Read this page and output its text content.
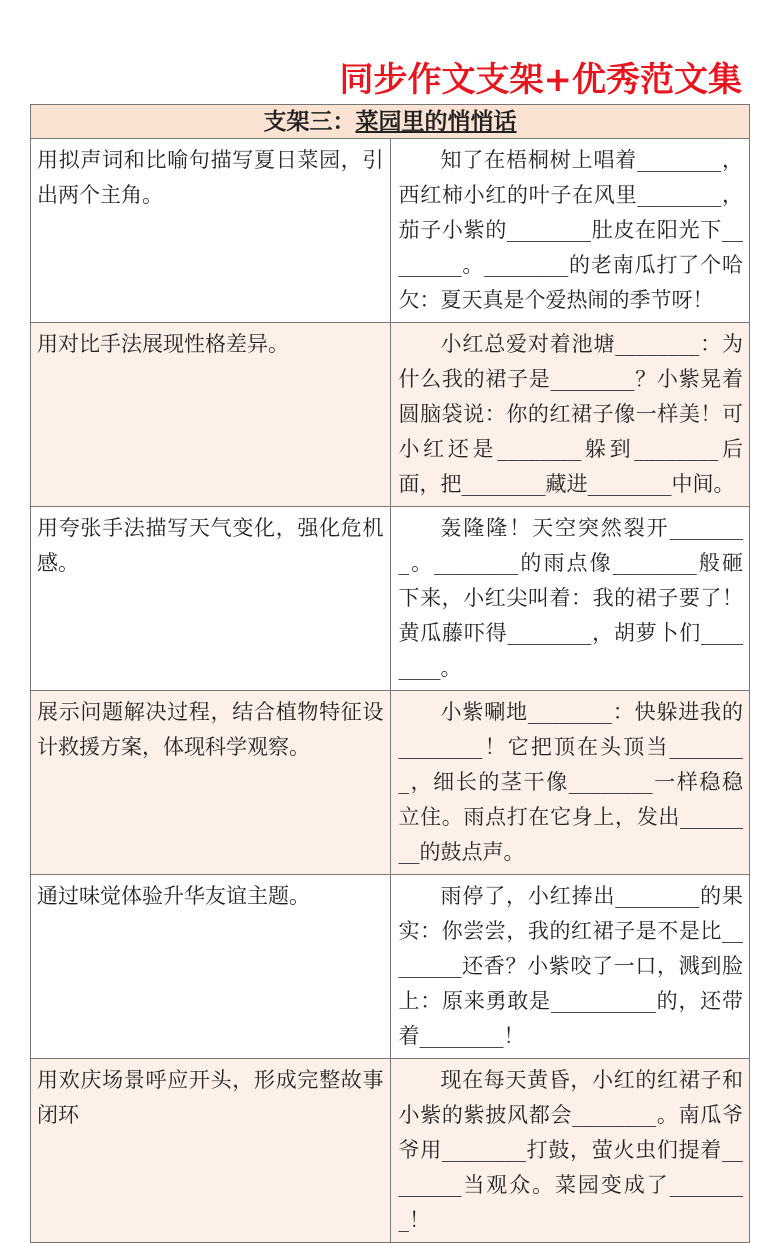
同步作文支架+优秀范文集
支架三：菜园里的悄悄话	
用拟声词和比喻句描写夏日菜园，引出两个主角。	知了在梧桐树上唱着________，西红柿小红的叶子在风里________，茄子小紫的________肚皮在阳光下________。________的老南瓜打了个哈欠：夏天真是个爱热闹的季节呀！
用对比手法展现性格差异。	小红总爱对着池塘________：为什么我的裙子是________？小紫晃着圆脑袋说：你的红裙子像一样美！可小红还是________躲到________后面，把________藏进________中间。
用夸张手法描写天气变化，强化危机感。	轰隆隆！天空突然裂开________。________的雨点像________般砸下来，小红尖叫着：我的裙子要了！黄瓜藤吓得________，胡萝卜们________。
展示问题解决过程，结合植物特征设计救援方案，体现科学观察。	小紫唰地________：快躲进我的________！它把顶在头顶当________，细长的茎干像________一样稳稳立住。雨点打在它身上，发出________的鼓点声。
通过味觉体验升华友谊主题。	雨停了，小红捧出________的果实：你尝尝，我的红裙子是不是比________还香？小紫咬了一口，溅到脸上：原来勇敢是__________的，还带着________！
用欢庆场景呼应开头，形成完整故事闭环	现在每天黄昏，小红的红裙子和小紫的紫披风都会________。南瓜爷爷用________打鼓，萤火虫们提着________当观众。菜园变成了________！
